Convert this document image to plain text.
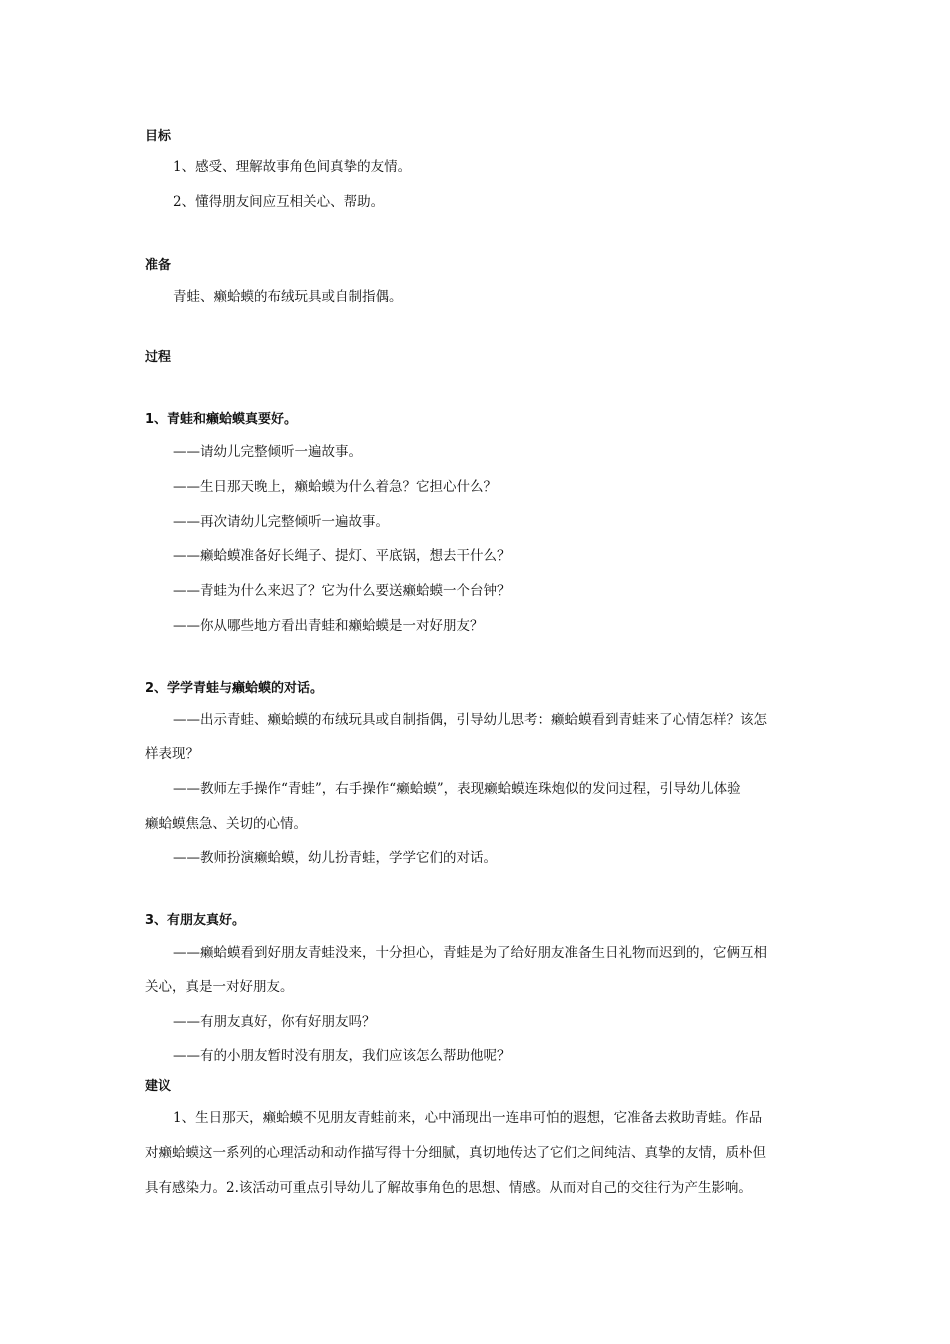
目标
1、感受、理解故事角色间真挚的友情。
2、懂得朋友间应互相关心、帮助。
准备
青蛙、癞蛤蟆的布绒玩具或自制指偶。
过程
1、青蛙和癞蛤蟆真要好。
——请幼儿完整倾听一遍故事。
——生日那天晚上，癞蛤蟆为什么着急？它担心什么？
——再次请幼儿完整倾听一遍故事。
——癞蛤蟆准备好长绳子、提灯、平底锅，想去干什么？
——青蛙为什么来迟了？它为什么要送癞蛤蟆一个台钟？
——你从哪些地方看出青蛙和癞蛤蟆是一对好朋友？
2、学学青蛙与癞蛤蟆的对话。
——出示青蛙、癞蛤蟆的布绒玩具或自制指偶，引导幼儿思考：癞蛤蟆看到青蛙来了心情怎样？该怎
样表现？
——教师左手操作“青蛙”，右手操作“癞蛤蟆”，表现癞蛤蟆连珠炮似的发问过程，引导幼儿体验
癞蛤蟆焦急、关切的心情。
——教师扮演癞蛤蟆，幼儿扮青蛙，学学它们的对话。
3、有朋友真好。
——癞蛤蟆看到好朋友青蛙没来，十分担心，青蛙是为了给好朋友准备生日礼物而迟到的，它俩互相
关心，真是一对好朋友。
——有朋友真好，你有好朋友吗？
——有的小朋友暂时没有朋友，我们应该怎么帮助他呢？
建议
1、生日那天，癞蛤蟆不见朋友青蛙前来，心中涌现出一连串可怕的遐想，它准备去救助青蛙。作品
对癞蛤蟆这一系列的心理活动和动作描写得十分细腻，真切地传达了它们之间纯洁、真挚的友情，质朴但
具有感染力。2.该活动可重点引导幼儿了解故事角色的思想、情感。从而对自己的交往行为产生影响。
